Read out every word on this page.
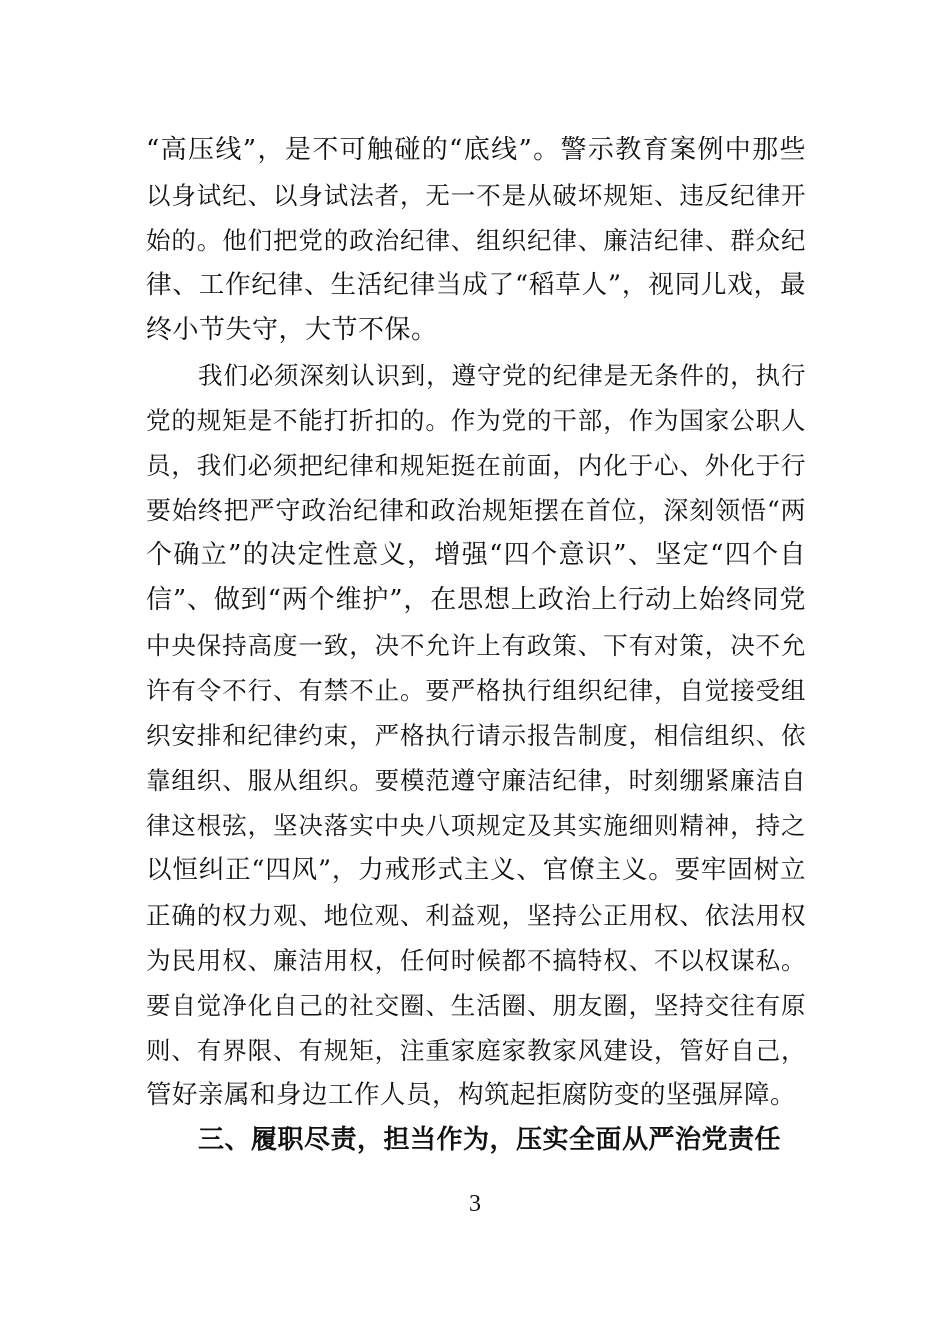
“高压线”，是不可触碰的“底线”。警示教育案例中那些
以身试纪、以身试法者，无一不是从破坏规矩、违反纪律开
始的。他们把党的政治纪律、组织纪律、廉洁纪律、群众纪
律、工作纪律、生活纪律当成了“稻草人”，视同儿戏，最
终小节失守，大节不保。
我们必须深刻认识到，遵守党的纪律是无条件的，执行
党的规矩是不能打折扣的。作为党的干部，作为国家公职人
员，我们必须把纪律和规矩挺在前面，内化于心、外化于行
要始终把严守政治纪律和政治规矩摆在首位，深刻领悟“两
个确立”的决定性意义，增强“四个意识”、坚定“四个自
信”、做到“两个维护”，在思想上政治上行动上始终同党
中央保持高度一致，决不允许上有政策、下有对策，决不允
许有令不行、有禁不止。要严格执行组织纪律，自觉接受组
织安排和纪律约束，严格执行请示报告制度，相信组织、依
靠组织、服从组织。要模范遵守廉洁纪律，时刻绷紧廉洁自
律这根弦，坚决落实中央八项规定及其实施细则精神，持之
以恒纠正“四风”，力戒形式主义、官僚主义。要牢固树立
正确的权力观、地位观、利益观，坚持公正用权、依法用权
为民用权、廉洁用权，任何时候都不搞特权、不以权谋私。
要自觉净化自己的社交圈、生活圈、朋友圈，坚持交往有原
则、有界限、有规矩，注重家庭家教家风建设，管好自己，
管好亲属和身边工作人员，构筑起拒腐防变的坚强屏障。
三、履职尽责，担当作为，压实全面从严治党责任
3
